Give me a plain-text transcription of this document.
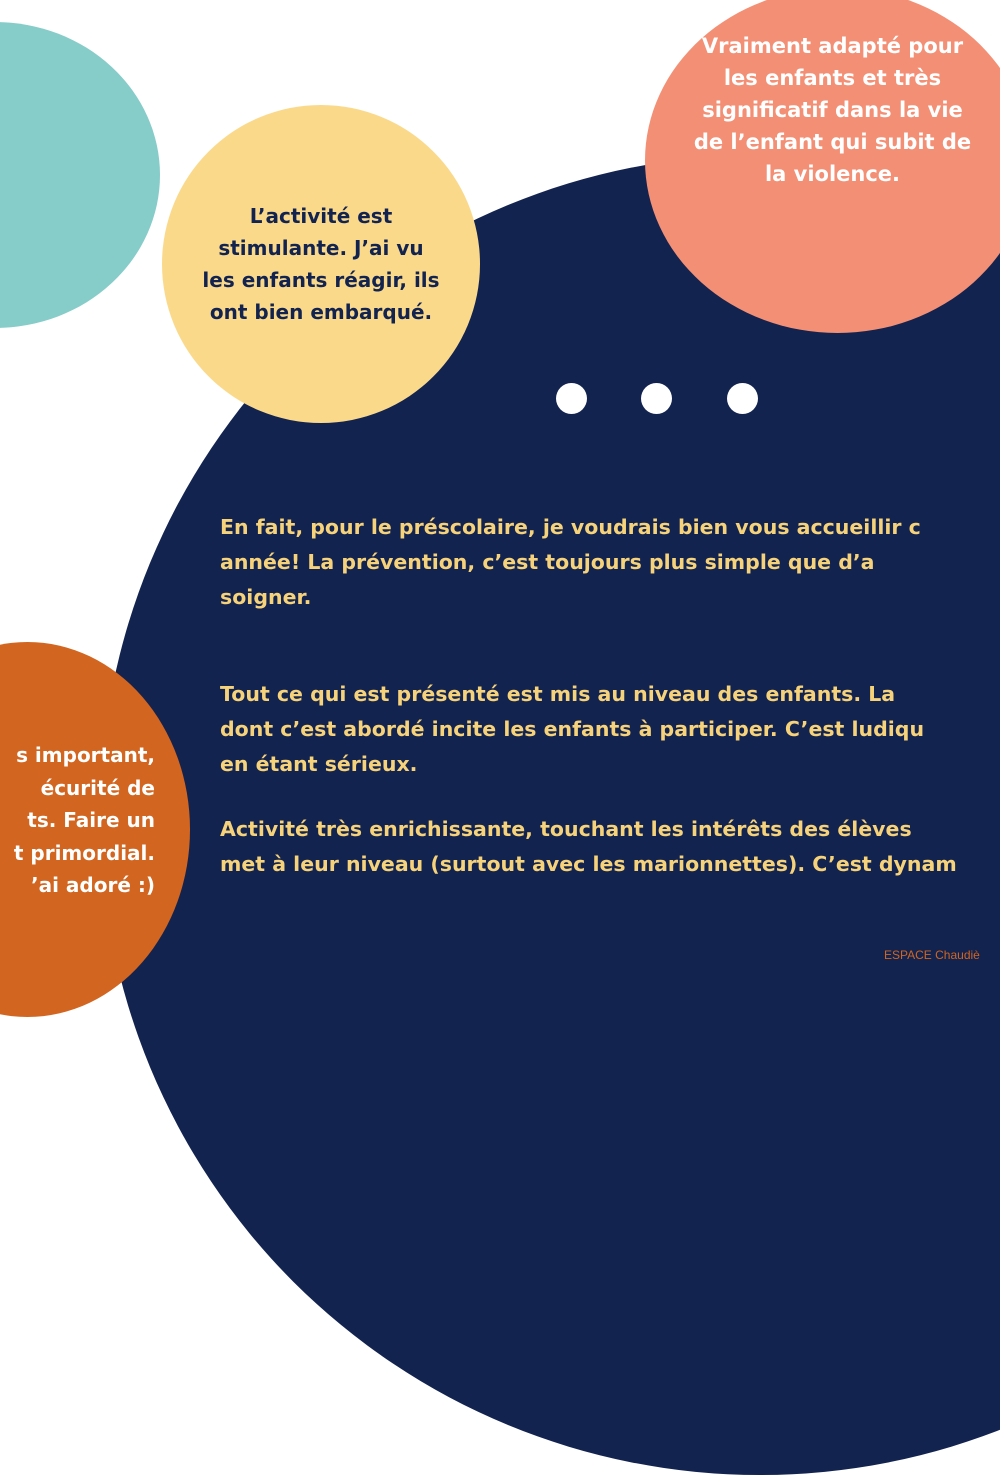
L’activité est
stimulante. J’ai vu
les enfants réagir, ils
ont bien embarqué.

Vraiment adapté pour
les enfants et très
significatif dans la vie
de l’enfant qui subit de
la violence.

s important,
écurité de
ts. Faire un
t primordial.
’ai adoré :)

En fait, pour le préscolaire, je voudrais bien vous accueillir c
année! La prévention, c’est toujours plus simple que d’a
soigner.

Tout ce qui est présenté est mis au niveau des enfants. La
dont c’est abordé incite les enfants à participer. C’est ludiqu
en étant sérieux.

Activité très enrichissante, touchant les intérêts des élèves
met à leur niveau (surtout avec les marionnettes). C’est dynam

ESPACE Chaudiè
